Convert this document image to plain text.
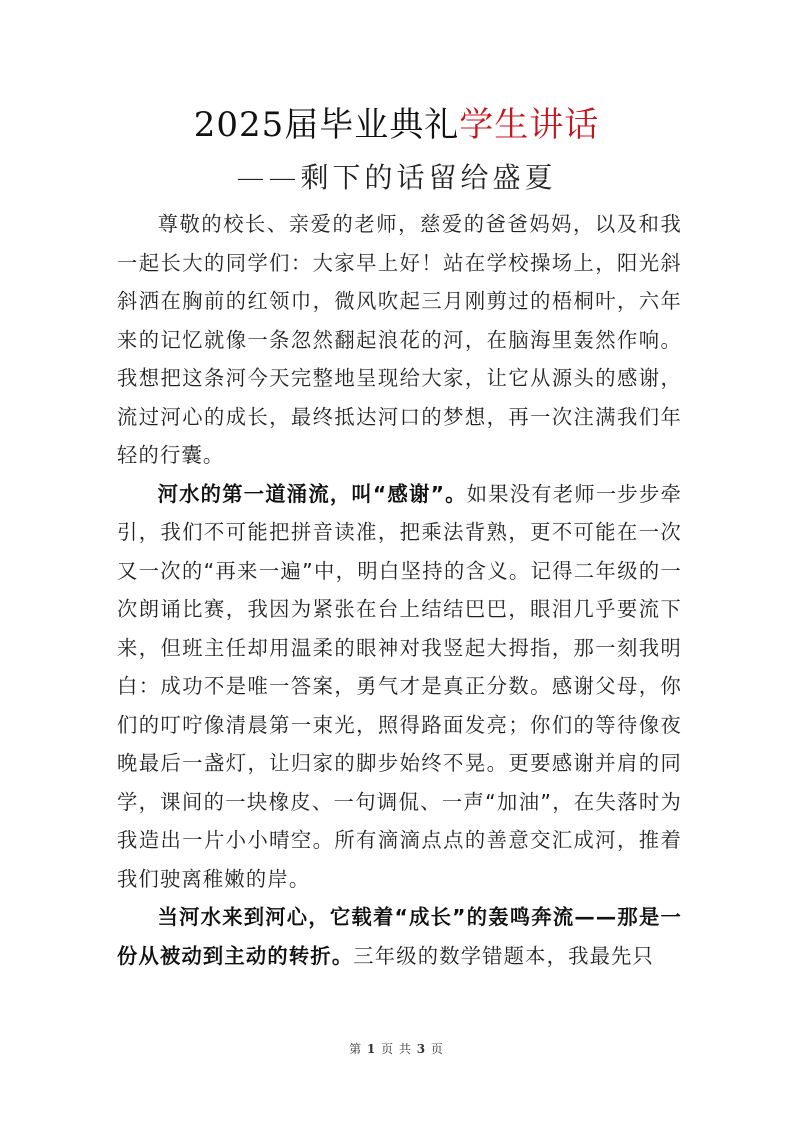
2025届毕业典礼学生讲话
——剩下的话留给盛夏

尊敬的校长、亲爱的老师，慈爱的爸爸妈妈，以及和我一起长大的同学们：大家早上好！站在学校操场上，阳光斜斜洒在胸前的红领巾，微风吹起三月刚剪过的梧桐叶，六年来的记忆就像一条忽然翻起浪花的河，在脑海里轰然作响。我想把这条河今天完整地呈现给大家，让它从源头的感谢，流过河心的成长，最终抵达河口的梦想，再一次注满我们年轻的行囊。

河水的第一道涌流，叫“感谢”。如果没有老师一步步牵引，我们不可能把拼音读准，把乘法背熟，更不可能在一次又一次的“再来一遍”中，明白坚持的含义。记得二年级的一次朗诵比赛，我因为紧张在台上结结巴巴，眼泪几乎要流下来，但班主任却用温柔的眼神对我竖起大拇指，那一刻我明白：成功不是唯一答案，勇气才是真正分数。感谢父母，你们的叮咛像清晨第一束光，照得路面发亮；你们的等待像夜晚最后一盏灯，让归家的脚步始终不晃。更要感谢并肩的同学，课间的一块橡皮、一句调侃、一声“加油”，在失落时为我造出一片小小晴空。所有滴滴点点的善意交汇成河，推着我们驶离稚嫩的岸。

当河水来到河心，它载着“成长”的轰鸣奔流——那是一份从被动到主动的转折。三年级的数学错题本，我最先只

第 1 页 共 3 页
